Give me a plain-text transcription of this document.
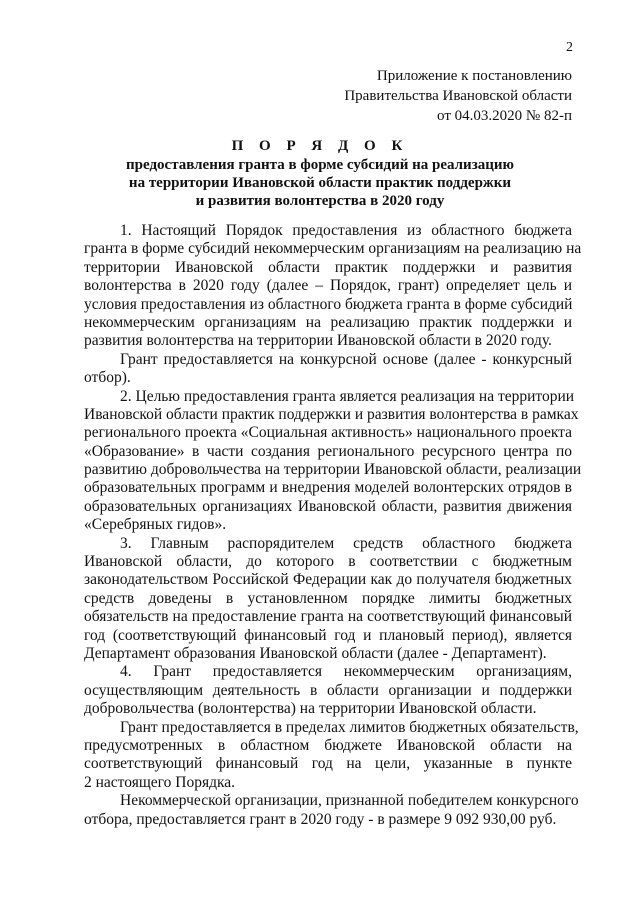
2
Приложение к постановлению
Правительства Ивановской области
от 04.03.2020 № 82-п
П О Р Я Д О К
предоставления гранта в форме субсидий на реализацию
на территории Ивановской области практик поддержки
и развития волонтерства в 2020 году
1. Настоящий Порядок предоставления из областного бюджета
гранта в форме субсидий некоммерческим организациям на реализацию на
территории Ивановской области практик поддержки и развития
волонтерства в 2020 году (далее – Порядок, грант) определяет цель и
условия предоставления из областного бюджета гранта в форме субсидий
некоммерческим организациям на реализацию практик поддержки и
развития волонтерства на территории Ивановской области в 2020 году.
Грант предоставляется на конкурсной основе (далее - конкурсный
отбор).
2. Целью предоставления гранта является реализация на территории
Ивановской области практик поддержки и развития волонтерства в рамках
регионального проекта «Социальная активность» национального проекта
«Образование» в части создания регионального ресурсного центра по
развитию добровольчества на территории Ивановской области, реализации
образовательных программ и внедрения моделей волонтерских отрядов в
образовательных организациях Ивановской области, развития движения
«Серебряных гидов».
3. Главным распорядителем средств областного бюджета
Ивановской области, до которого в соответствии с бюджетным
законодательством Российской Федерации как до получателя бюджетных
средств доведены в установленном порядке лимиты бюджетных
обязательств на предоставление гранта на соответствующий финансовый
год (соответствующий финансовый год и плановый период), является
Департамент образования Ивановской области (далее - Департамент).
4. Грант предоставляется некоммерческим организациям,
осуществляющим деятельность в области организации и поддержки
добровольчества (волонтерства) на территории Ивановской области.
Грант предоставляется в пределах лимитов бюджетных обязательств,
предусмотренных в областном бюджете Ивановской области на
соответствующий финансовый год на цели, указанные в пункте
2 настоящего Порядка.
Некоммерческой организации, признанной победителем конкурсного
отбора, предоставляется грант в 2020 году - в размере 9 092 930,00 руб.
